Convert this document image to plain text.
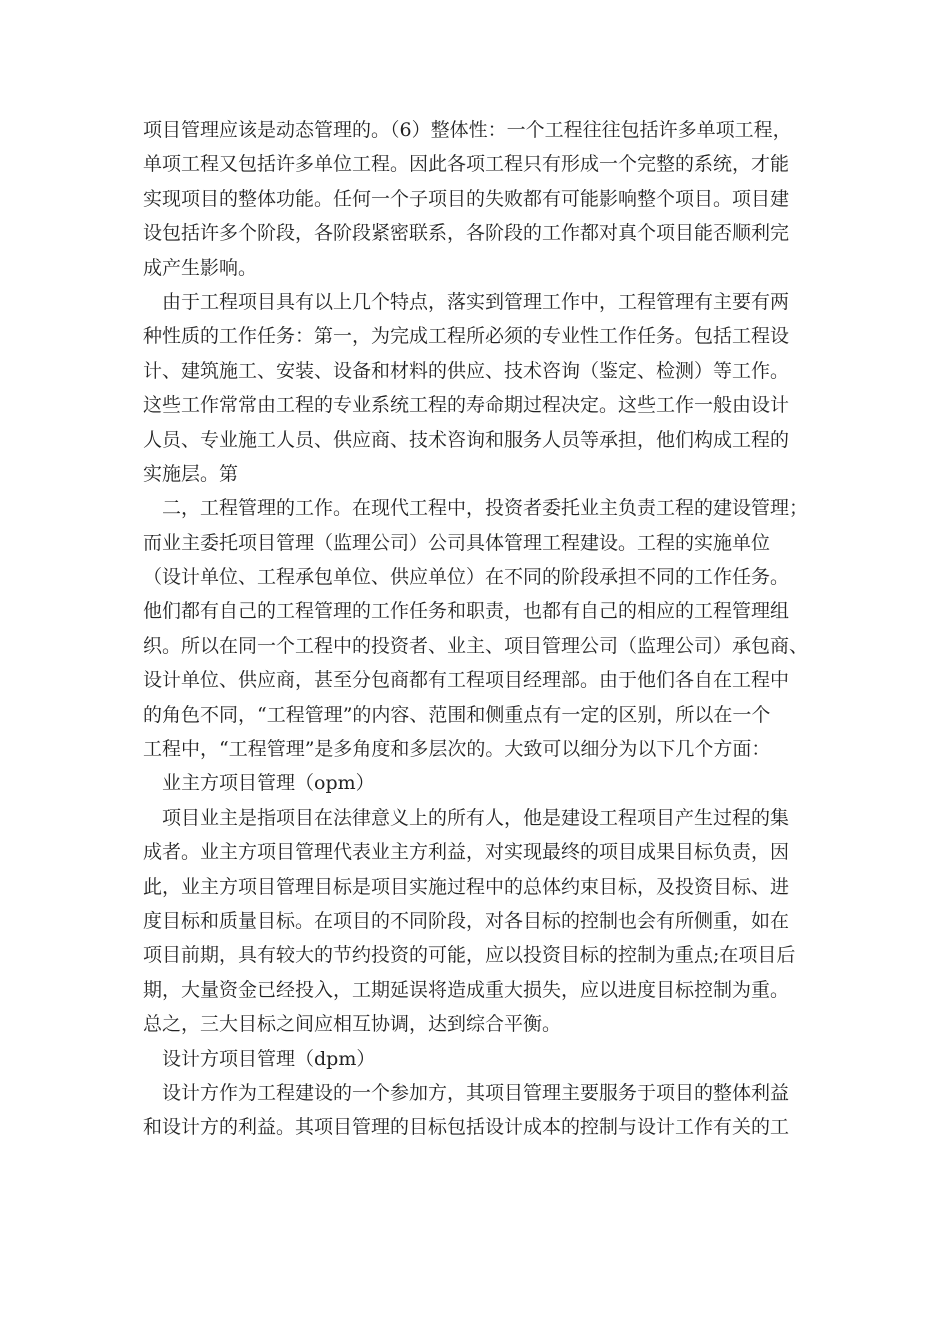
项目管理应该是动态管理的。（6）整体性：一个工程往往包括许多单项工程，
单项工程又包括许多单位工程。因此各项工程只有形成一个完整的系统，才能
实现项目的整体功能。任何一个子项目的失败都有可能影响整个项目。项目建
设包括许多个阶段，各阶段紧密联系，各阶段的工作都对真个项目能否顺利完
成产生影响。
由于工程项目具有以上几个特点，落实到管理工作中，工程管理有主要有两
种性质的工作任务：第一，为完成工程所必须的专业性工作任务。包括工程设
计、建筑施工、安装、设备和材料的供应、技术咨询（鉴定、检测）等工作。
这些工作常常由工程的专业系统工程的寿命期过程决定。这些工作一般由设计
人员、专业施工人员、供应商、技术咨询和服务人员等承担，他们构成工程的
实施层。第
二，工程管理的工作。在现代工程中，投资者委托业主负责工程的建设管理；
而业主委托项目管理（监理公司）公司具体管理工程建设。工程的实施单位
（设计单位、工程承包单位、供应单位）在不同的阶段承担不同的工作任务。
他们都有自己的工程管理的工作任务和职责，也都有自己的相应的工程管理组
织。所以在同一个工程中的投资者、业主、项目管理公司（监理公司）承包商、
设计单位、供应商，甚至分包商都有工程项目经理部。由于他们各自在工程中
的角色不同，“工程管理”的内容、范围和侧重点有一定的区别，所以在一个
工程中，“工程管理”是多角度和多层次的。大致可以细分为以下几个方面：
业主方项目管理（opm）
项目业主是指项目在法律意义上的所有人，他是建设工程项目产生过程的集
成者。业主方项目管理代表业主方利益，对实现最终的项目成果目标负责，因
此，业主方项目管理目标是项目实施过程中的总体约束目标，及投资目标、进
度目标和质量目标。在项目的不同阶段，对各目标的控制也会有所侧重，如在
项目前期，具有较大的节约投资的可能，应以投资目标的控制为重点;在项目后
期，大量资金已经投入，工期延误将造成重大损失，应以进度目标控制为重。
总之，三大目标之间应相互协调，达到综合平衡。
设计方项目管理（dpm）
设计方作为工程建设的一个参加方，其项目管理主要服务于项目的整体利益
和设计方的利益。其项目管理的目标包括设计成本的控制与设计工作有关的工
